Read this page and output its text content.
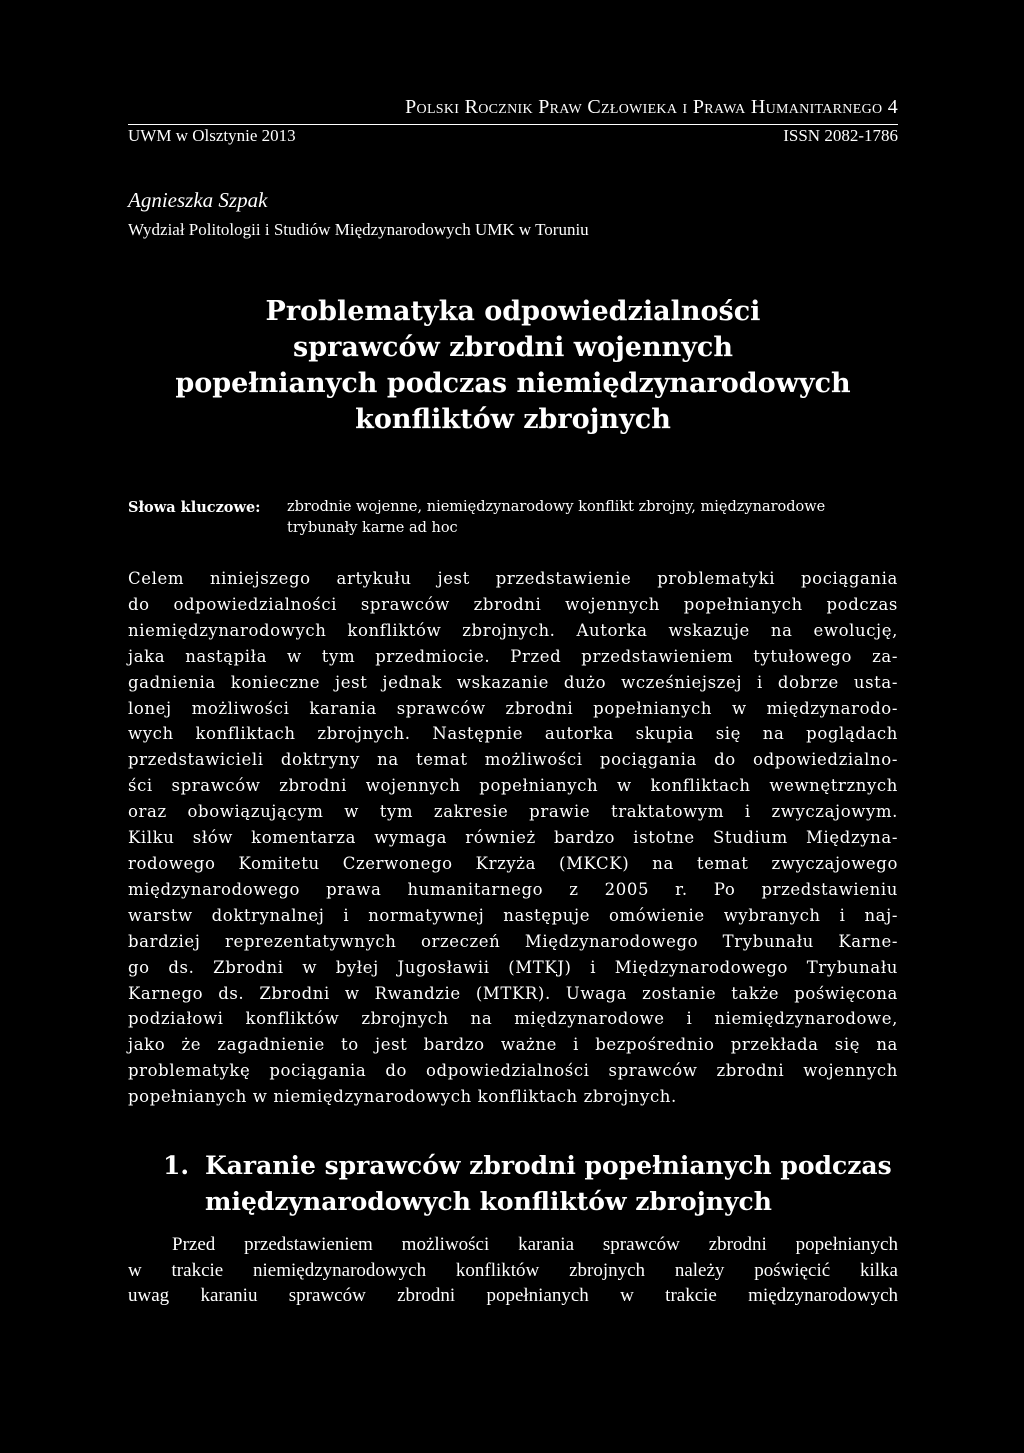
Polski Rocznik Praw Człowieka i Prawa Humanitarnego 4
UWM w Olsztynie 2013	ISSN 2082-1786
Agnieszka Szpak
Wydział Politologii i Studiów Międzynarodowych UMK w Toruniu
Problematyka odpowiedzialności
sprawców zbrodni wojennych
popełnianych podczas niemiędzynarodowych
konfliktów zbrojnych
Słowa kluczowe:	zbrodnie wojenne, niemiędzynarodowy konflikt zbrojny, międzynarodowe trybunały karne ad hoc
Celem niniejszego artykułu jest przedstawienie problematyki pociągania
do odpowiedzialności sprawców zbrodni wojennych popełnianych podczas
niemiędzynarodowych konfliktów zbrojnych. Autorka wskazuje na ewolucję,
jaka nastąpiła w tym przedmiocie. Przed przedstawieniem tytułowego za-
gadnienia konieczne jest jednak wskazanie dużo wcześniejszej i dobrze usta-
lonej możliwości karania sprawców zbrodni popełnianych w międzynarodo-
wych konfliktach zbrojnych. Następnie autorka skupia się na poglądach
przedstawicieli doktryny na temat możliwości pociągania do odpowiedzialno-
ści sprawców zbrodni wojennych popełnianych w konfliktach wewnętrznych
oraz obowiązującym w tym zakresie prawie traktatowym i zwyczajowym.
Kilku słów komentarza wymaga również bardzo istotne Studium Międzyna-
rodowego Komitetu Czerwonego Krzyża (MKCK) na temat zwyczajowego
międzynarodowego prawa humanitarnego z 2005 r. Po przedstawieniu
warstw doktrynalnej i normatywnej następuje omówienie wybranych i naj-
bardziej reprezentatywnych orzeczeń Międzynarodowego Trybunału Karne-
go ds. Zbrodni w byłej Jugosławii (MTKJ) i Międzynarodowego Trybunału
Karnego ds. Zbrodni w Rwandzie (MTKR). Uwaga zostanie także poświęcona
podziałowi konfliktów zbrojnych na międzynarodowe i niemiędzynarodowe,
jako że zagadnienie to jest bardzo ważne i bezpośrednio przekłada się na
problematykę pociągania do odpowiedzialności sprawców zbrodni wojennych
popełnianych w niemiędzynarodowych konfliktach zbrojnych.
1. Karanie sprawców zbrodni popełnianych podczas
międzynarodowych konfliktów zbrojnych
Przed przedstawieniem możliwości karania sprawców zbrodni popełnianych
w trakcie niemiędzynarodowych konfliktów zbrojnych należy poświęcić kilka
uwag karaniu sprawców zbrodni popełnianych w trakcie międzynarodowych
